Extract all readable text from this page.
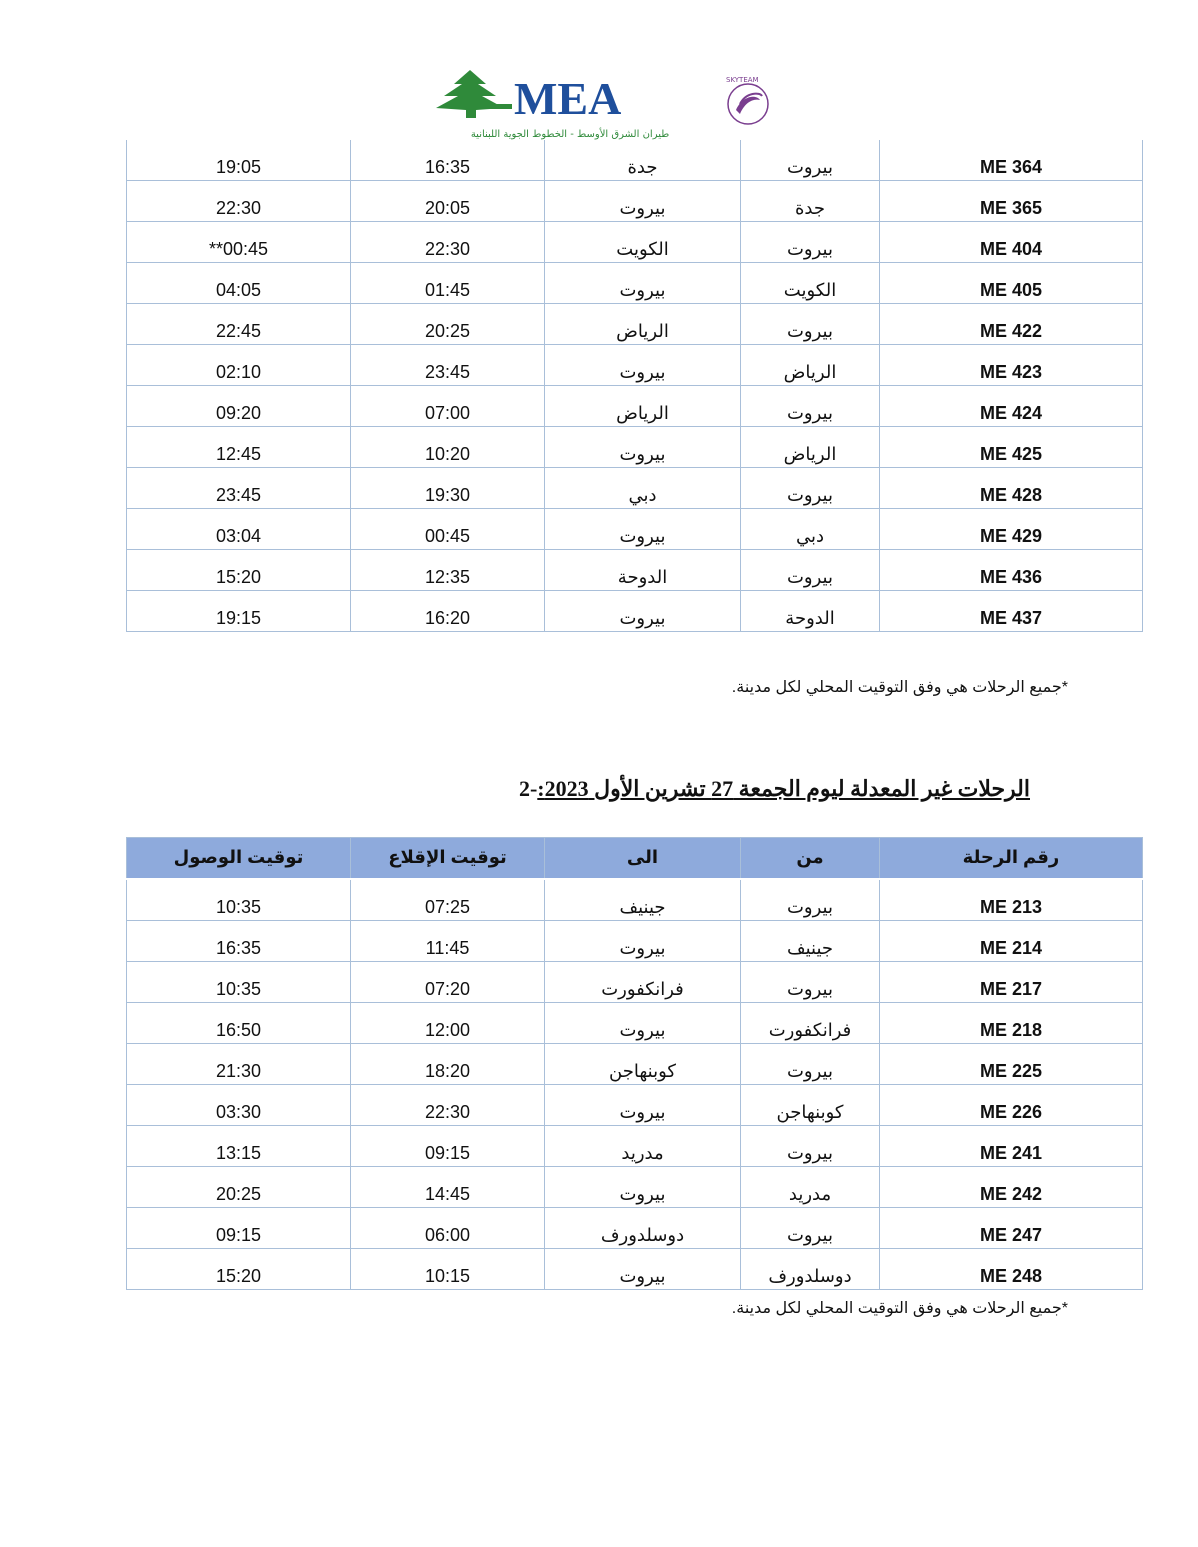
MEA
طيران الشرق الأوسط - الخطوط الجوية اللبنانية
SKYTEAM
19:05	16:35	جدة	بيروت	ME 364
22:30	20:05	بيروت	جدة	ME 365
**00:45	22:30	الكويت	بيروت	ME 404
04:05	01:45	بيروت	الكويت	ME 405
22:45	20:25	الرياض	بيروت	ME 422
02:10	23:45	بيروت	الرياض	ME 423
09:20	07:00	الرياض	بيروت	ME 424
12:45	10:20	بيروت	الرياض	ME 425
23:45	19:30	دبي	بيروت	ME 428
03:04	00:45	بيروت	دبي	ME 429
15:20	12:35	الدوحة	بيروت	ME 436
19:15	16:20	بيروت	الدوحة	ME 437
*جميع الرحلات هي وفق التوقيت المحلي لكل مدينة.
الرحلات غير المعدلة ليوم الجمعة 27 تشرين الأول 2023:-2
توقيت الوصول	توقيت الإقلاع	الى	من	رقم الرحلة
10:35	07:25	جينيف	بيروت	ME 213
16:35	11:45	بيروت	جينيف	ME 214
10:35	07:20	فرانكفورت	بيروت	ME 217
16:50	12:00	بيروت	فرانكفورت	ME 218
21:30	18:20	كوبنهاجن	بيروت	ME 225
03:30	22:30	بيروت	كوبنهاجن	ME 226
13:15	09:15	مدريد	بيروت	ME 241
20:25	14:45	بيروت	مدريد	ME 242
09:15	06:00	دوسلدورف	بيروت	ME 247
15:20	10:15	بيروت	دوسلدورف	ME 248
*جميع الرحلات هي وفق التوقيت المحلي لكل مدينة.
